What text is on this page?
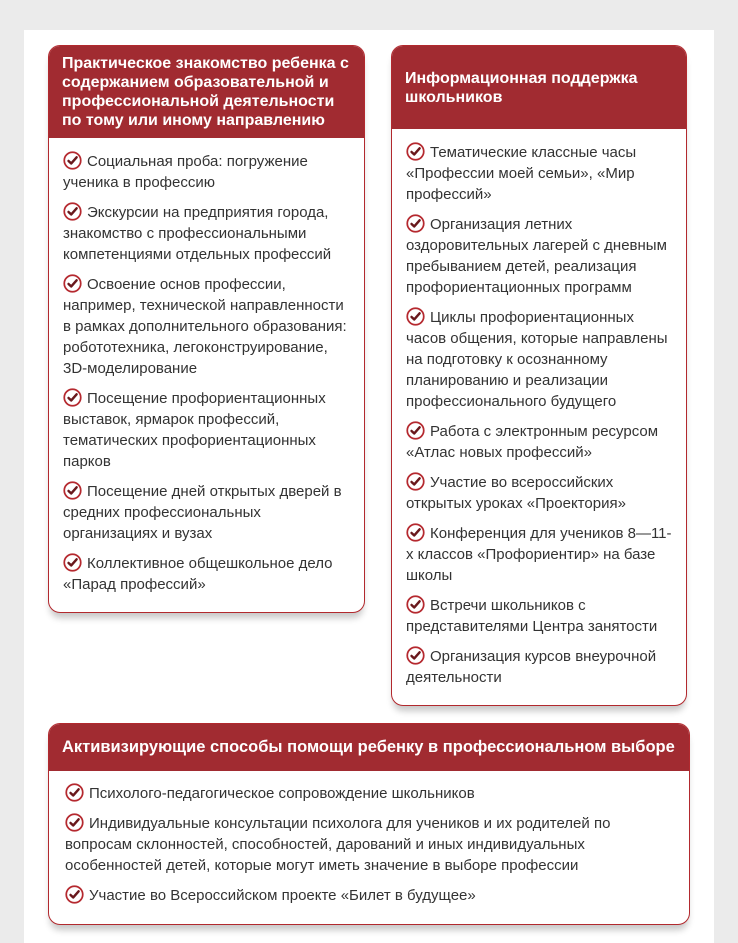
Практическое знакомство ребенка с содержанием образовательной и профессиональной деятельности по тому или иному направлению
Социальная проба: погружение ученика в профессию
Экскурсии на предприятия города, знакомство с профессиональными компетенциями отдельных профессий
Освоение основ профессии, например, технической направленности в рамках дополнительного образования: робототехника, легоконструирование, 3D-моделирование
Посещение профориентационных выставок, ярмарок профессий, тематических профориентационных парков
Посещение дней открытых дверей в средних профессиональных организациях и вузах
Коллективное общешкольное дело «Парад профессий»
Информационная поддержка школьников
Тематические классные часы «Профессии моей семьи», «Мир профессий»
Организация летних оздоровительных лагерей с дневным пребыванием детей, реализация профориентационных программ
Циклы профориентационных часов общения, которые направлены на подготовку к осознанному планированию и реализации профессионального будущего
Работа с электронным ресурсом «Атлас новых профессий»
Участие во всероссийских открытых уроках «Проектория»
Конференция для учеников 8—11-х классов «Профориентир» на базе школы
Встречи школьников с представителями Центра занятости
Организация курсов внеурочной деятельности
Активизирующие способы помощи ребенку в профессиональном выборе
Психолого-педагогическое сопровождение школьников
Индивидуальные консультации психолога для учеников и их родителей по вопросам склонностей, способностей, дарований и иных индивидуальных особенностей детей, которые могут иметь значение в выборе профессии
Участие во Всероссийском проекте «Билет в будущее»
